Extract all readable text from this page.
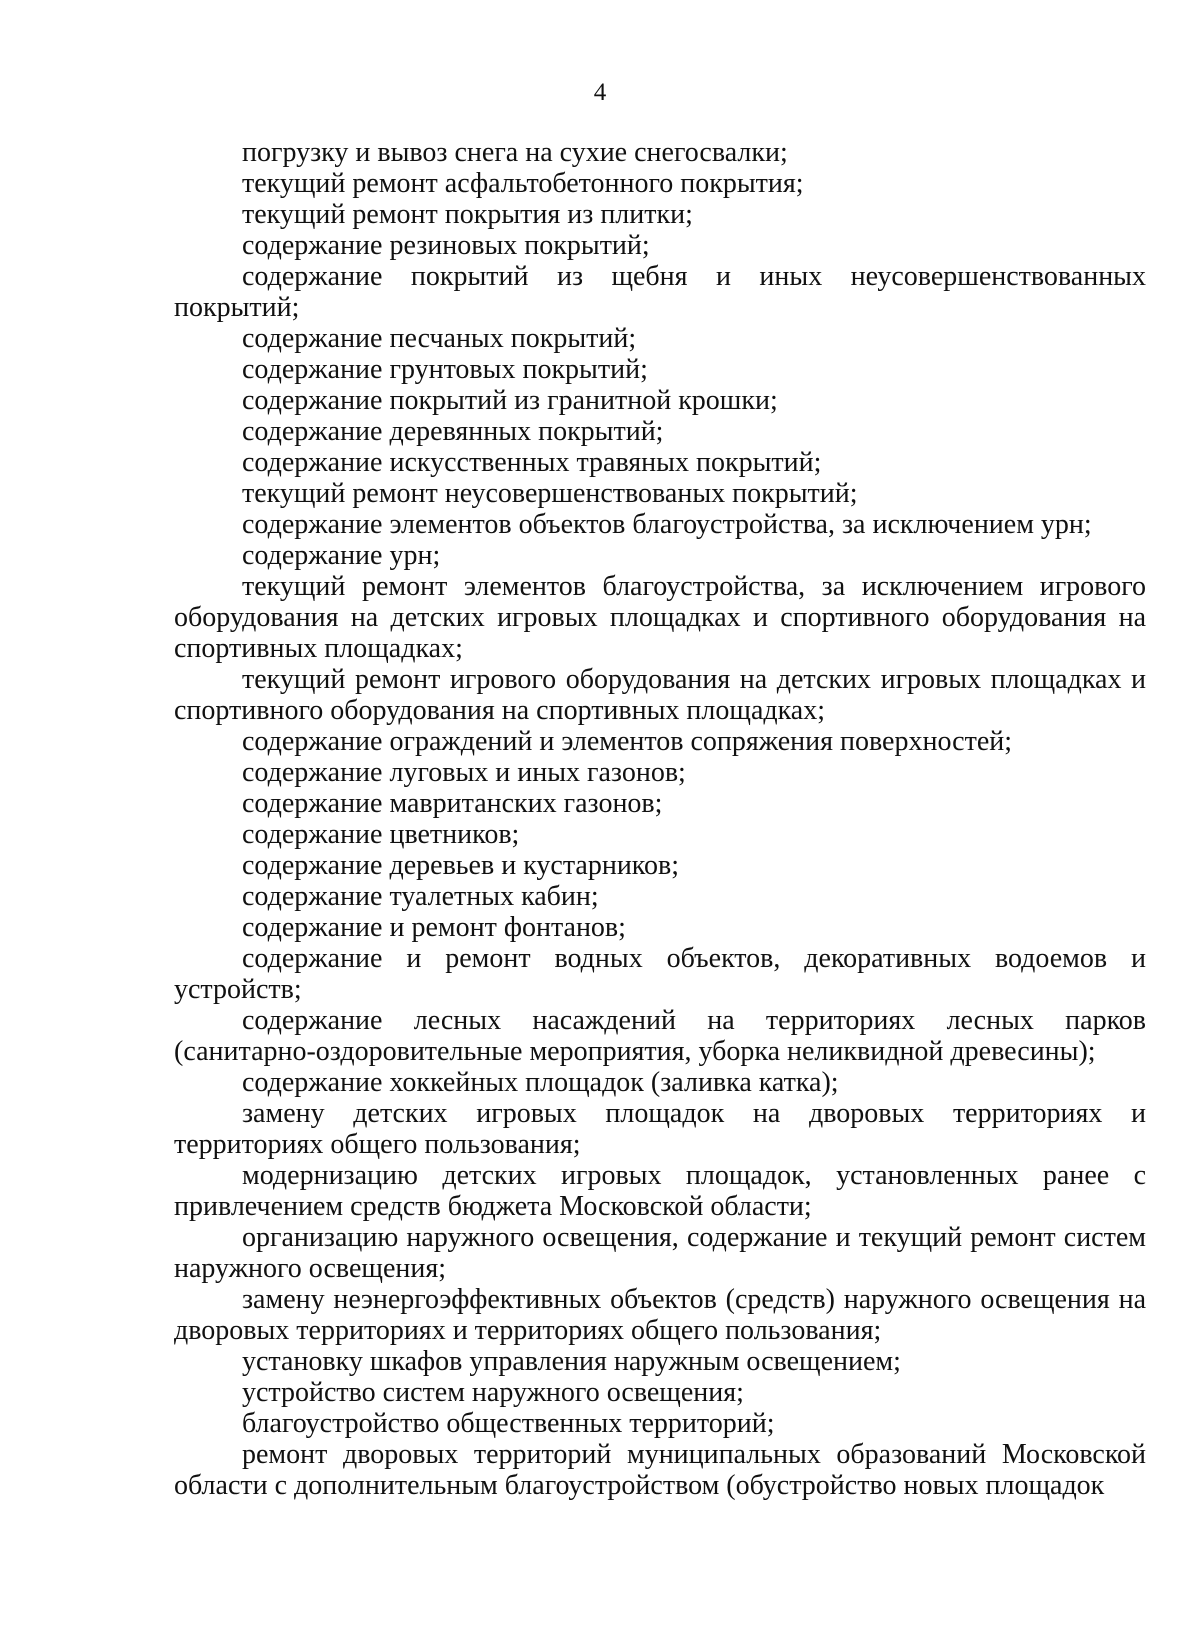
4

погрузку и вывоз снега на сухие снегосвалки;

текущий ремонт асфальтобетонного покрытия;

текущий ремонт покрытия из плитки;

содержание резиновых покрытий;

содержание покрытий из щебня и иных неусовершенствованных покрытий;

содержание песчаных покрытий;

содержание грунтовых покрытий;

содержание покрытий из гранитной крошки;

содержание деревянных покрытий;

содержание искусственных травяных покрытий;

текущий ремонт неусовершенствованых покрытий;

содержание элементов объектов благоустройства, за исключением урн;

содержание урн;

текущий ремонт элементов благоустройства, за исключением игрового оборудования на детских игровых площадках и спортивного оборудования на спортивных площадках;

текущий ремонт игрового оборудования на детских игровых площадках и спортивного оборудования на спортивных площадках;

содержание ограждений и элементов сопряжения поверхностей;

содержание луговых и иных газонов;

содержание мавританских газонов;

содержание цветников;

содержание деревьев и кустарников;

содержание туалетных кабин;

содержание и ремонт фонтанов;

содержание и ремонт водных объектов, декоративных водоемов и устройств;

содержание лесных насаждений на территориях лесных парков (санитарно-оздоровительные мероприятия, уборка неликвидной древесины);

содержание хоккейных площадок (заливка катка);

замену детских игровых площадок на дворовых территориях и территориях общего пользования;

модернизацию детских игровых площадок, установленных ранее с привлечением средств бюджета Московской области;

организацию наружного освещения, содержание и текущий ремонт систем наружного освещения;

замену неэнергоэффективных объектов (средств) наружного освещения на дворовых территориях и территориях общего пользования;

установку шкафов управления наружным освещением;

устройство систем наружного освещения;

благоустройство общественных территорий;

ремонт дворовых территорий муниципальных образований Московской области с дополнительным благоустройством (обустройство новых площадок
